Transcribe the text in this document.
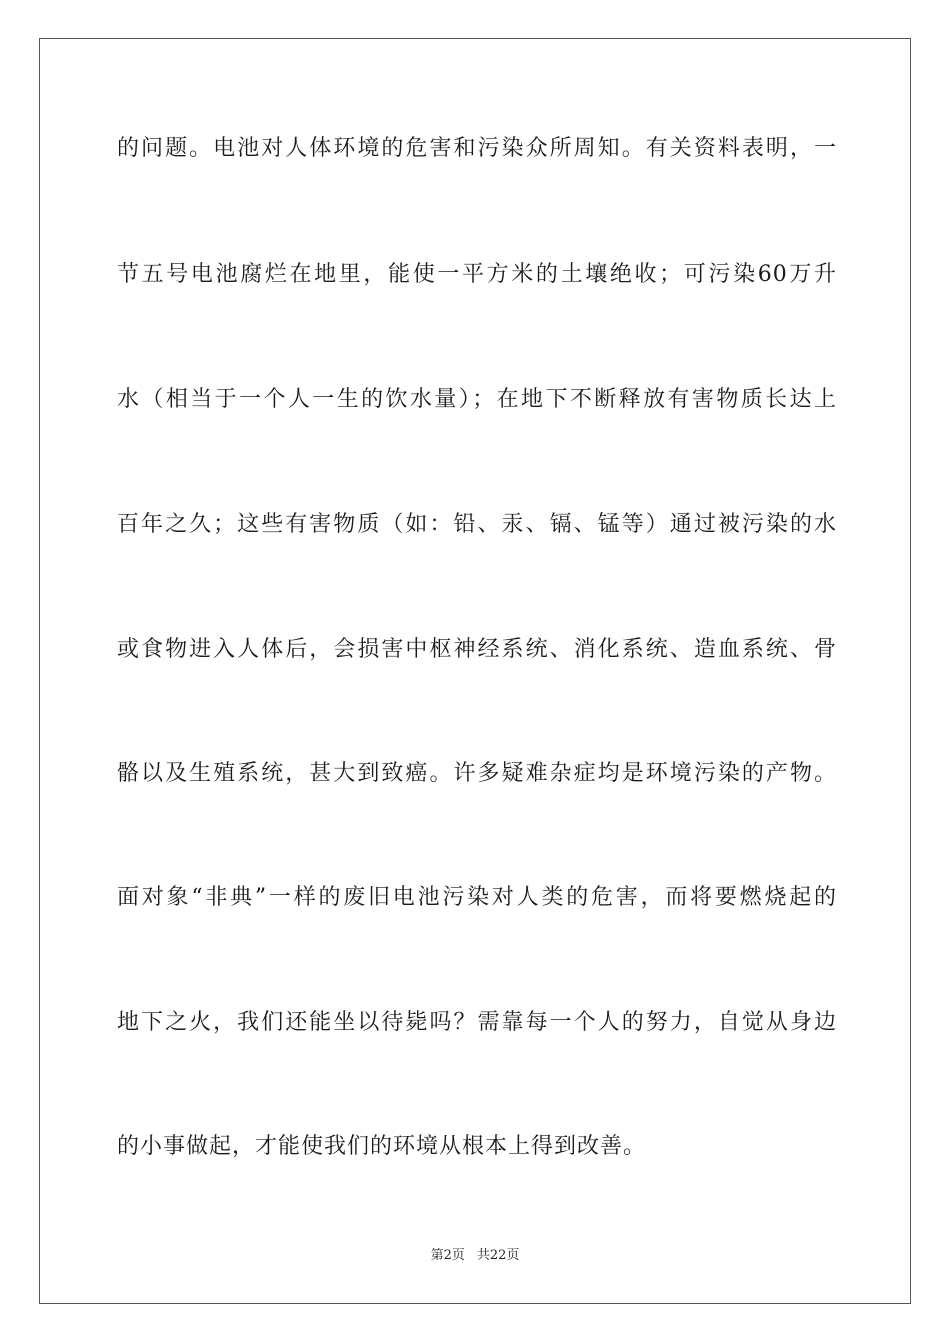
的问题。电池对人体环境的危害和污染众所周知。有关资料表明，一
节五号电池腐烂在地里，能使一平方米的土壤绝收；可污染60万升
水（相当于一个人一生的饮水量）；在地下不断释放有害物质长达上
百年之久；这些有害物质（如：铅、汞、镉、锰等）通过被污染的水
或食物进入人体后，会损害中枢神经系统、消化系统、造血系统、骨
骼以及生殖系统，甚大到致癌。许多疑难杂症均是环境污染的产物。
面对象“非典”一样的废旧电池污染对人类的危害，而将要燃烧起的
地下之火，我们还能坐以待毙吗？需靠每一个人的努力，自觉从身边
的小事做起，才能使我们的环境从根本上得到改善。
第2页 共22页
